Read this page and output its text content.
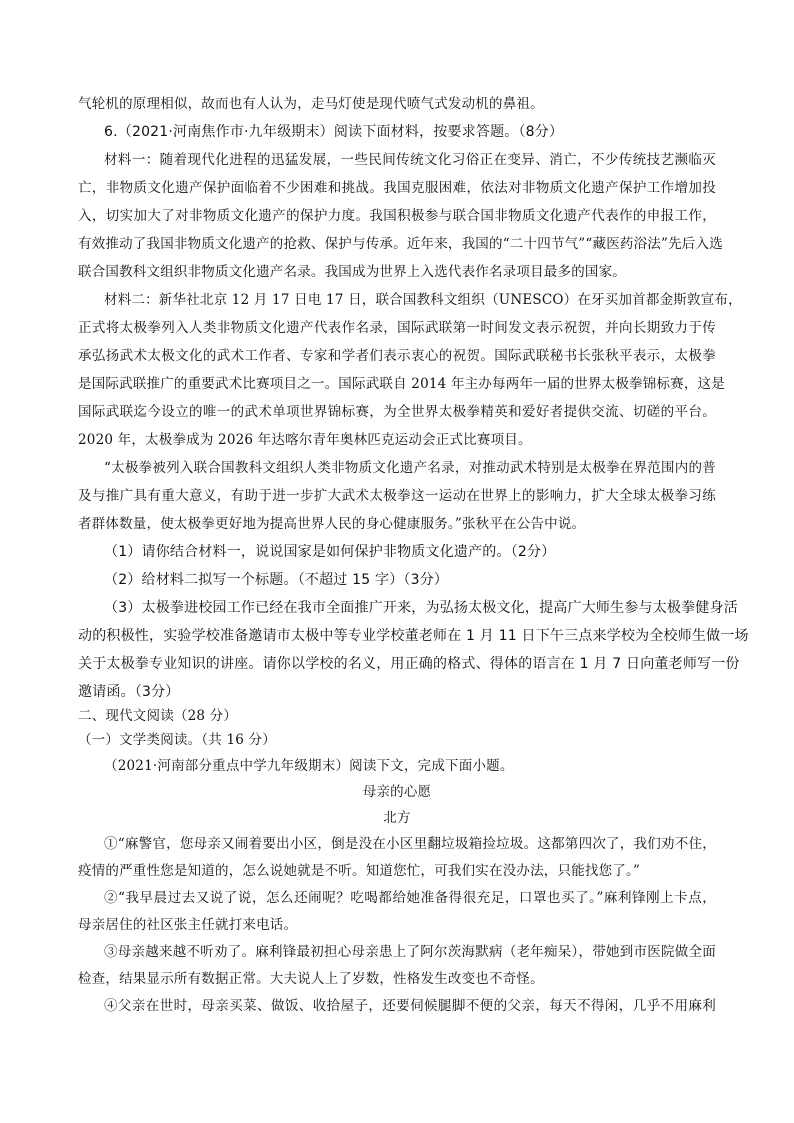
气轮机的原理相似，故而也有人认为，走马灯使是现代喷气式发动机的鼻祖。

6.（2021·河南焦作市·九年级期末）阅读下面材料，按要求答题。（8分）

材料一：随着现代化进程的迅猛发展，一些民间传统文化习俗正在变异、消亡，不少传统技艺濒临灭

亡，非物质文化遗产保护面临着不少困难和挑战。我国克服困难，依法对非物质文化遗产保护工作增加投

入，切实加大了对非物质文化遗产的保护力度。我国积极参与联合国非物质文化遗产代表作的申报工作，

有效推动了我国非物质文化遗产的抢救、保护与传承。近年来，我国的“二十四节气”“藏医药浴法”先后入选

联合国教科文组织非物质文化遗产名录。我国成为世界上入选代表作名录项目最多的国家。

材料二：新华社北京 12 月 17 日电 17 日，联合国教科文组织（UNESCO）在牙买加首都金斯敦宣布，

正式将太极拳列入人类非物质文化遗产代表作名录，国际武联第一时间发文表示祝贺，并向长期致力于传

承弘扬武术太极文化的武术工作者、专家和学者们表示衷心的祝贺。国际武联秘书长张秋平表示，太极拳

是国际武联推广的重要武术比赛项目之一。国际武联自 2014 年主办每两年一届的世界太极拳锦标赛，这是

国际武联迄今设立的唯一的武术单项世界锦标赛，为全世界太极拳精英和爱好者提供交流、切磋的平台。

2020 年，太极拳成为 2026 年达喀尔青年奥林匹克运动会正式比赛项目。

“太极拳被列入联合国教科文组织人类非物质文化遗产名录，对推动武术特别是太极拳在界范围内的普

及与推广具有重大意义，有助于进一步扩大武术太极拳这一运动在世界上的影响力，扩大全球太极拳习练

者群体数量，使太极拳更好地为提高世界人民的身心健康服务。”张秋平在公告中说。

（1）请你结合材料一，说说国家是如何保护非物质文化遗产的。（2分）

（2）给材料二拟写一个标题。（不超过 15 字）（3分）

（3）太极拳进校园工作已经在我市全面推广开来，为弘扬太极文化，提高广大师生参与太极拳健身活

动的积极性，实验学校准备邀请市太极中等专业学校董老师在 1 月 11 日下午三点来学校为全校师生做一场

关于太极拳专业知识的讲座。请你以学校的名义，用正确的格式、得体的语言在 1 月 7 日向董老师写一份

邀请函。（3分）

二、现代文阅读（28 分）

（一）文学类阅读。（共 16 分）

（2021·河南部分重点中学九年级期末）阅读下文，完成下面小题。

母亲的心愿

北方

①“麻警官，您母亲又闹着要出小区，倒是没在小区里翻垃圾箱捡垃圾。这都第四次了，我们劝不住，

疫情的严重性您是知道的，怎么说她就是不听。知道您忙，可我们实在没办法，只能找您了。”

②“我早晨过去又说了说，怎么还闹呢？吃喝都给她准备得很充足，口罩也买了。”麻利锋刚上卡点，

母亲居住的社区张主任就打来电话。

③母亲越来越不听劝了。麻利锋最初担心母亲患上了阿尔茨海默病（老年痴呆），带她到市医院做全面

检查，结果显示所有数据正常。大夫说人上了岁数，性格发生改变也不奇怪。

④父亲在世时，母亲买菜、做饭、收拾屋子，还要伺候腿脚不便的父亲，每天不得闲，几乎不用麻利
